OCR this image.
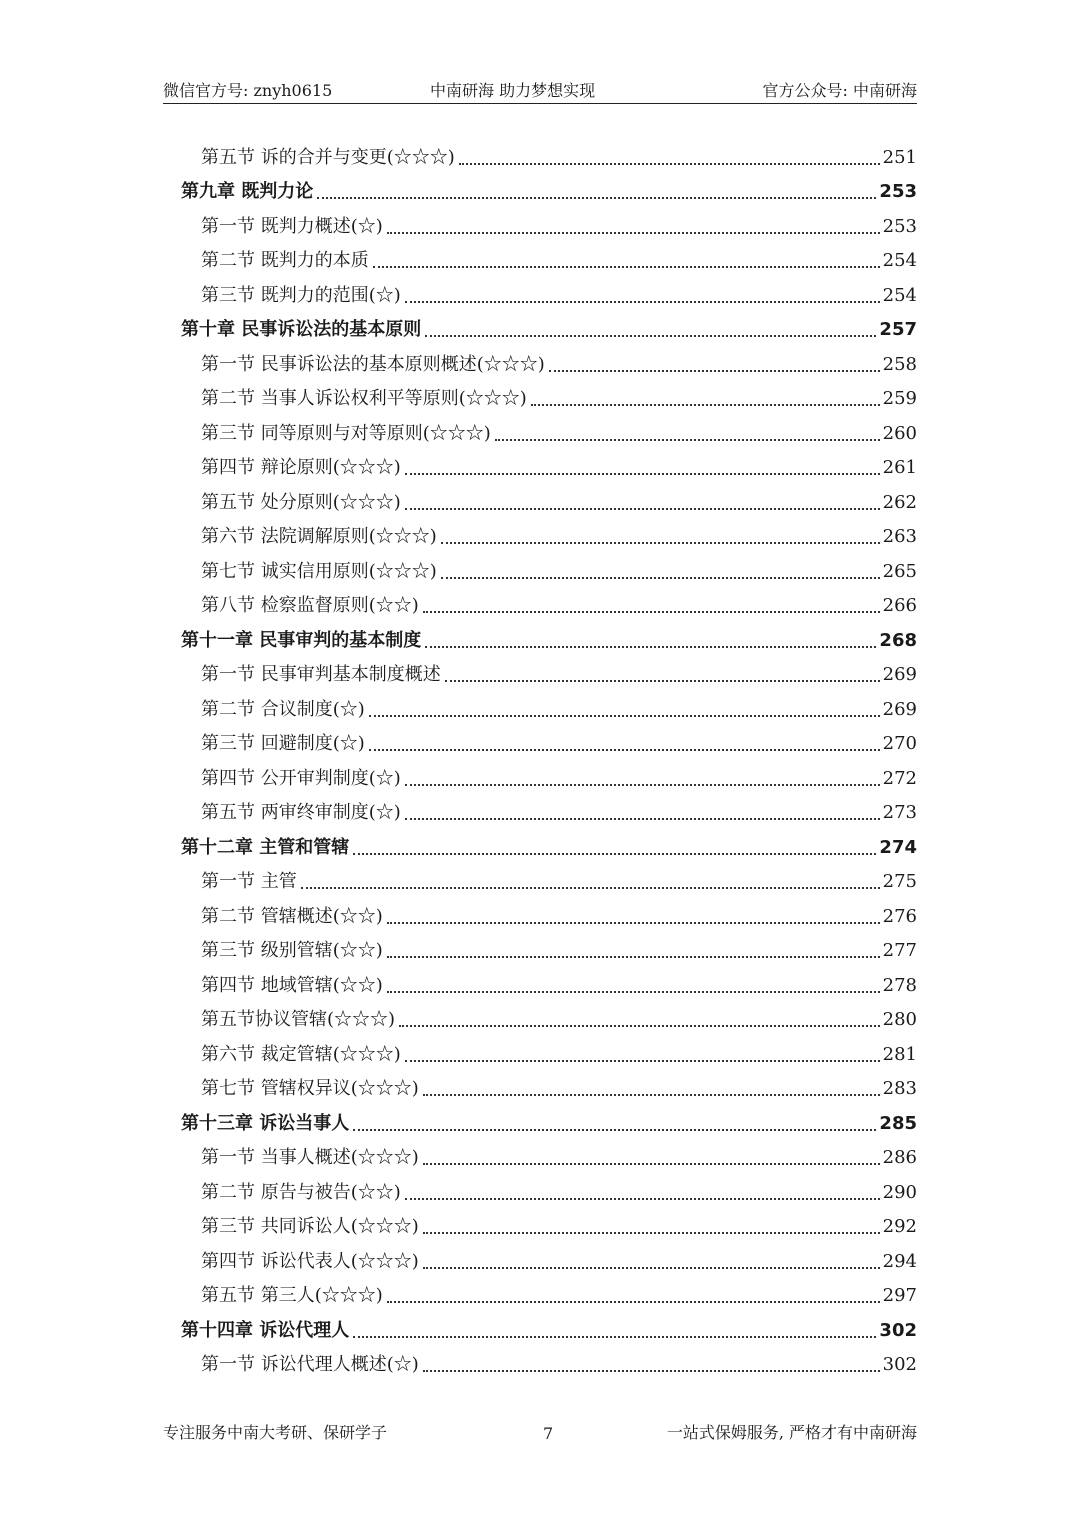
微信官方号: znyh0615	中南研海 助力梦想实现	官方公众号: 中南研海
第五节 诉的合并与变更(☆☆☆)	251
第九章 既判力论	253
第一节 既判力概述(☆)	253
第二节 既判力的本质	254
第三节 既判力的范围(☆)	254
第十章 民事诉讼法的基本原则	257
第一节 民事诉讼法的基本原则概述(☆☆☆)	258
第二节 当事人诉讼权利平等原则(☆☆☆)	259
第三节 同等原则与对等原则(☆☆☆)	260
第四节 辩论原则(☆☆☆)	261
第五节 处分原则(☆☆☆)	262
第六节 法院调解原则(☆☆☆)	263
第七节 诚实信用原则(☆☆☆)	265
第八节 检察监督原则(☆☆)	266
第十一章 民事审判的基本制度	268
第一节 民事审判基本制度概述	269
第二节 合议制度(☆)	269
第三节 回避制度(☆)	270
第四节 公开审判制度(☆)	272
第五节 两审终审制度(☆)	273
第十二章 主管和管辖	274
第一节 主管	275
第二节 管辖概述(☆☆)	276
第三节 级别管辖(☆☆)	277
第四节 地域管辖(☆☆)	278
第五节协议管辖(☆☆☆)	280
第六节 裁定管辖(☆☆☆)	281
第七节 管辖权异议(☆☆☆)	283
第十三章 诉讼当事人	285
第一节 当事人概述(☆☆☆)	286
第二节 原告与被告(☆☆)	290
第三节 共同诉讼人(☆☆☆)	292
第四节 诉讼代表人(☆☆☆)	294
第五节 第三人(☆☆☆)	297
第十四章 诉讼代理人	302
第一节 诉讼代理人概述(☆)	302
专注服务中南大考研、保研学子	7	一站式保姆服务, 严格才有中南研海
